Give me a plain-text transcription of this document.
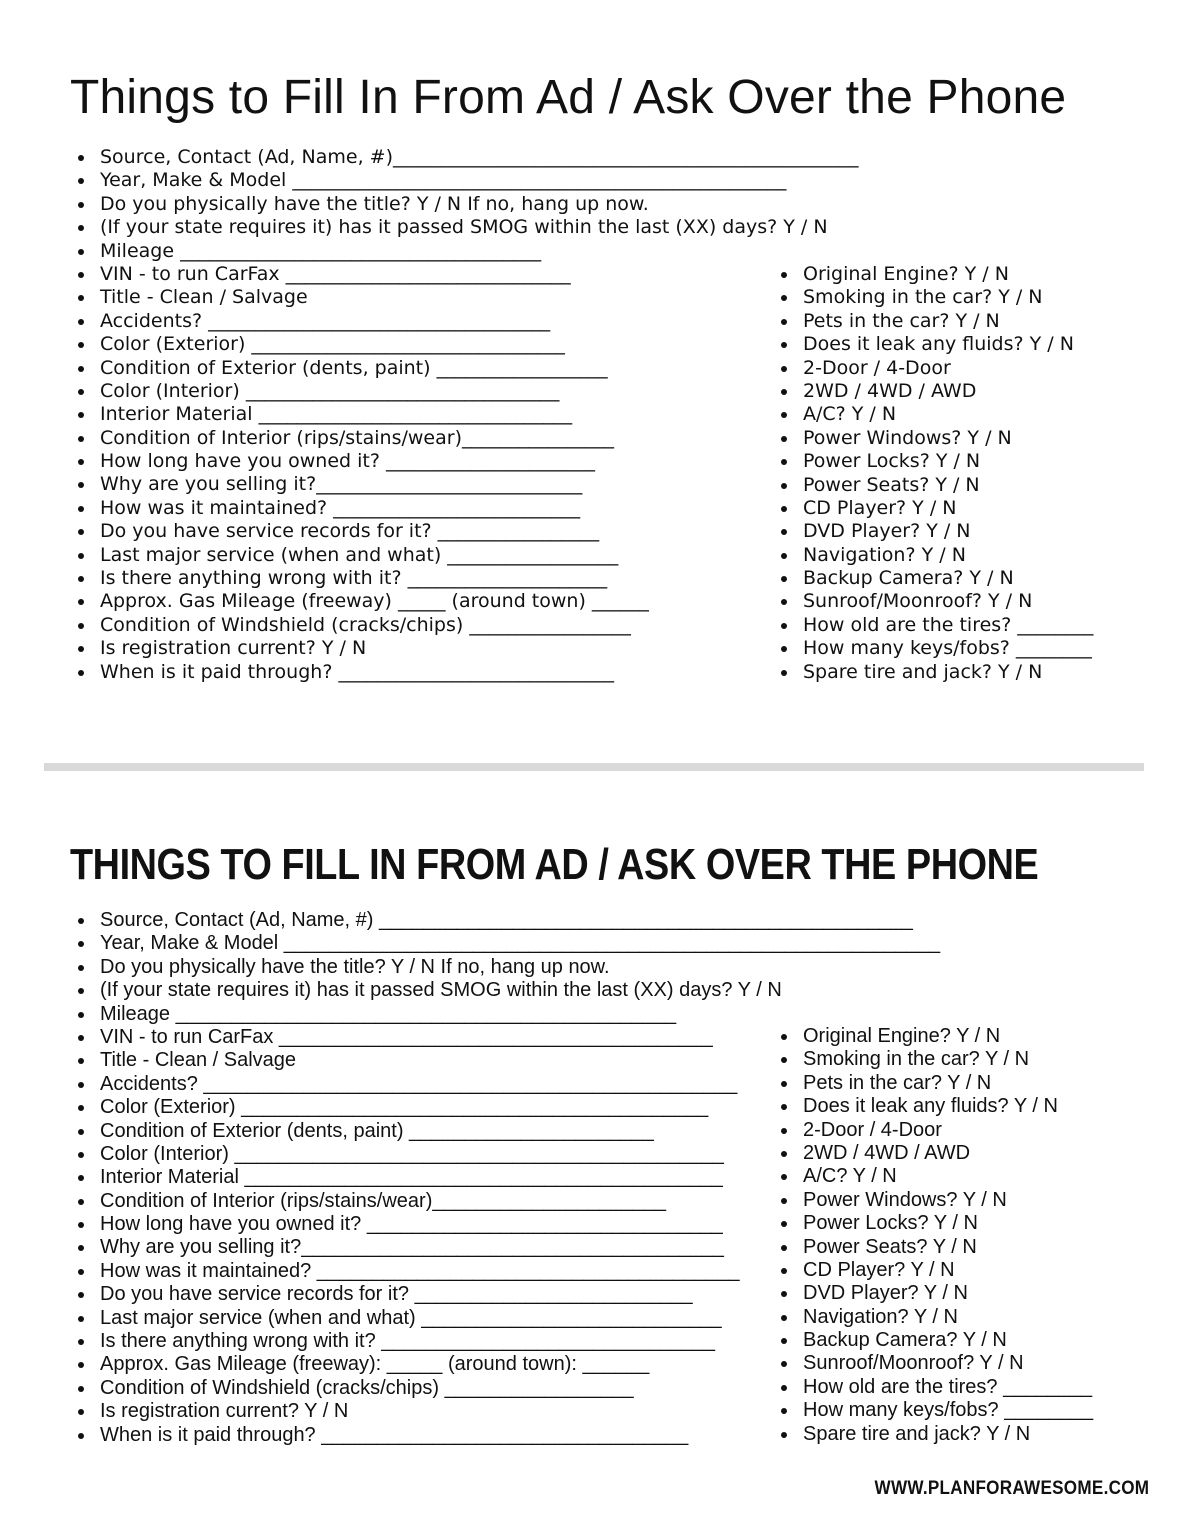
Things to Fill In From Ad / Ask Over the Phone
Source, Contact (Ad, Name, #)_________________________________________________
Year, Make & Model ____________________________________________________
Do you physically have the title? Y / N If no, hang up now.
(If your state requires it) has it passed SMOG within the last (XX) days? Y / N
Mileage ______________________________________
VIN - to run CarFax ______________________________
Title - Clean / Salvage
Accidents? ____________________________________
Color (Exterior) _________________________________
Condition of Exterior (dents, paint) __________________
Color (Interior) _________________________________
Interior Material _________________________________
Condition of Interior (rips/stains/wear)________________
How long have you owned it? ______________________
Why are you selling it?____________________________
How was it maintained? __________________________
Do you have service records for it? _________________
Last major service (when and what) __________________
Is there anything wrong with it? _____________________
Approx. Gas Mileage (freeway) _____ (around town) ______
Condition of Windshield (cracks/chips) _________________
Is registration current? Y / N
When is it paid through? _____________________________
Original Engine? Y / N
Smoking in the car? Y / N
Pets in the car? Y / N
Does it leak any fluids? Y / N
2-Door / 4-Door
2WD / 4WD / AWD
A/C? Y / N
Power Windows? Y / N
Power Locks? Y / N
Power Seats? Y / N
CD Player? Y / N
DVD Player? Y / N
Navigation? Y / N
Backup Camera? Y / N
Sunroof/Moonroof? Y / N
How old are the tires? ________
How many keys/fobs? ________
Spare tire and jack? Y / N
THINGS TO FILL IN FROM AD / ASK OVER THE PHONE
Source, Contact (Ad, Name, #) ________________________________________________
Year, Make & Model ___________________________________________________________
Do you physically have the title? Y / N If no, hang up now.
(If your state requires it) has it passed SMOG within the last (XX) days? Y / N
Mileage _____________________________________________
VIN - to run CarFax _______________________________________
Title - Clean / Salvage
Accidents? ________________________________________________
Color (Exterior) __________________________________________
Condition of Exterior (dents, paint) ______________________
Color (Interior) ____________________________________________
Interior Material ___________________________________________
Condition of Interior (rips/stains/wear)_____________________
How long have you owned it? ________________________________
Why are you selling it?______________________________________
How was it maintained? ______________________________________
Do you have service records for it? _________________________
Last major service (when and what) ___________________________
Is there anything wrong with it? ______________________________
Approx. Gas Mileage (freeway): _____ (around town): ______
Condition of Windshield (cracks/chips) _________________
Is registration current? Y / N
When is it paid through? _________________________________
Original Engine? Y / N
Smoking in the car? Y / N
Pets in the car? Y / N
Does it leak any fluids? Y / N
2-Door / 4-Door
2WD / 4WD / AWD
A/C? Y / N
Power Windows? Y / N
Power Locks? Y / N
Power Seats? Y / N
CD Player? Y / N
DVD Player? Y / N
Navigation? Y / N
Backup Camera? Y / N
Sunroof/Moonroof? Y / N
How old are the tires? ________
How many keys/fobs? ________
Spare tire and jack? Y / N
WWW.PLANFORAWESOME.COM
